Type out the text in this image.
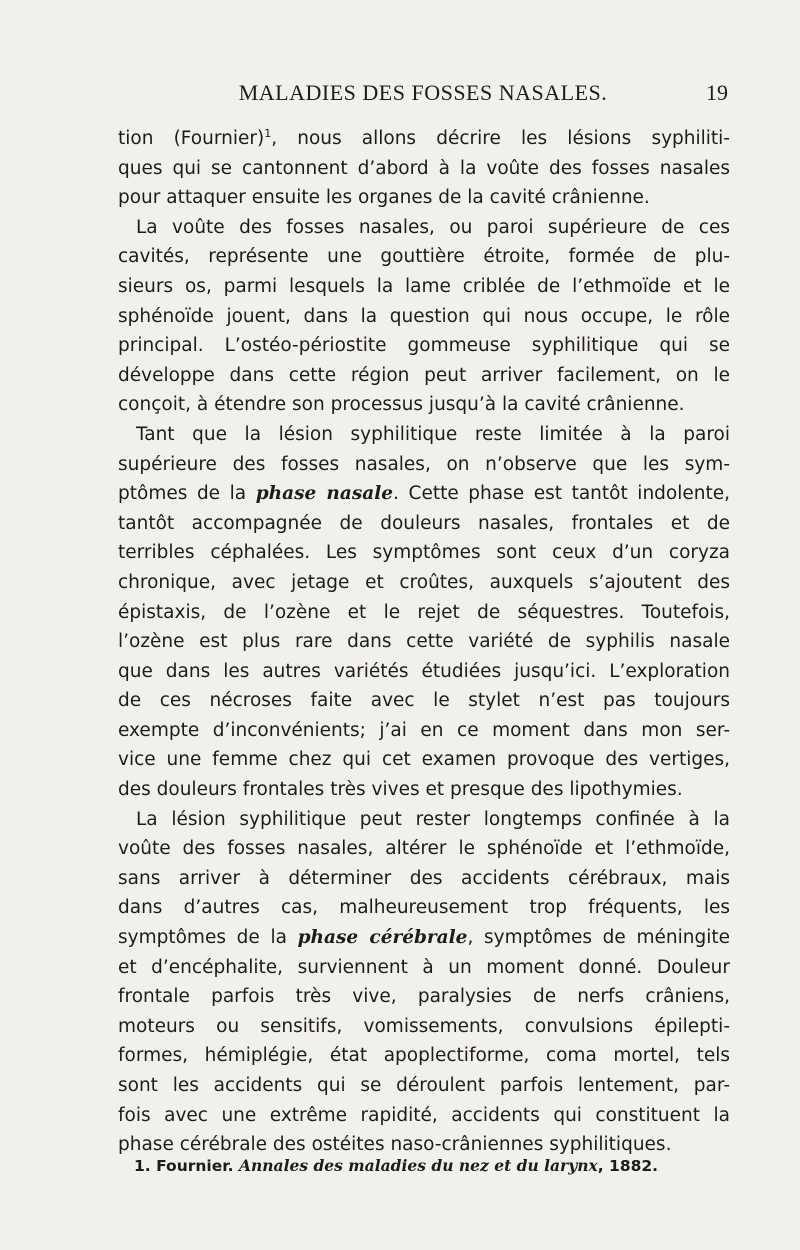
MALADIES DES FOSSES NASALES.	19
tion (Fournier)$^1$, nous allons décrire les lésions syphiliti-
ques qui se cantonnent d’abord à la voûte des fosses nasales
pour attaquer ensuite les organes de la cavité crânienne.
La voûte des fosses nasales, ou paroi supérieure de ces
cavités, représente une gouttière étroite, formée de plu-
sieurs os, parmi lesquels la lame criblée de l’ethmoïde et le
sphénoïde jouent, dans la question qui nous occupe, le rôle
principal. L’ostéo-périostite gommeuse syphilitique qui se
développe dans cette région peut arriver facilement, on le
conçoit, à étendre son processus jusqu’à la cavité crânienne.
Tant que la lésion syphilitique reste limitée à la paroi
supérieure des fosses nasales, on n’observe que les sym-
ptômes de la phase nasale. Cette phase est tantôt indolente,
tantôt accompagnée de douleurs nasales, frontales et de
terribles céphalées. Les symptômes sont ceux d’un coryza
chronique, avec jetage et croûtes, auxquels s’ajoutent des
épistaxis, de l’ozène et le rejet de séquestres. Toutefois,
l’ozène est plus rare dans cette variété de syphilis nasale
que dans les autres variétés étudiées jusqu’ici. L’exploration
de ces nécroses faite avec le stylet n’est pas toujours
exempte d’inconvénients; j’ai en ce moment dans mon ser-
vice une femme chez qui cet examen provoque des vertiges,
des douleurs frontales très vives et presque des lipothymies.
La lésion syphilitique peut rester longtemps confinée à la
voûte des fosses nasales, altérer le sphénoïde et l’ethmoïde,
sans arriver à déterminer des accidents cérébraux, mais
dans d’autres cas, malheureusement trop fréquents, les
symptômes de la phase cérébrale, symptômes de méningite
et d’encéphalite, surviennent à un moment donné. Douleur
frontale parfois très vive, paralysies de nerfs crâniens,
moteurs ou sensitifs, vomissements, convulsions épilepti-
formes, hémiplégie, état apoplectiforme, coma mortel, tels
sont les accidents qui se déroulent parfois lentement, par-
fois avec une extrême rapidité, accidents qui constituent la
phase cérébrale des ostéites naso-crâniennes syphilitiques.
1. Fournier. Annales des maladies du nez et du larynx, 1882.
